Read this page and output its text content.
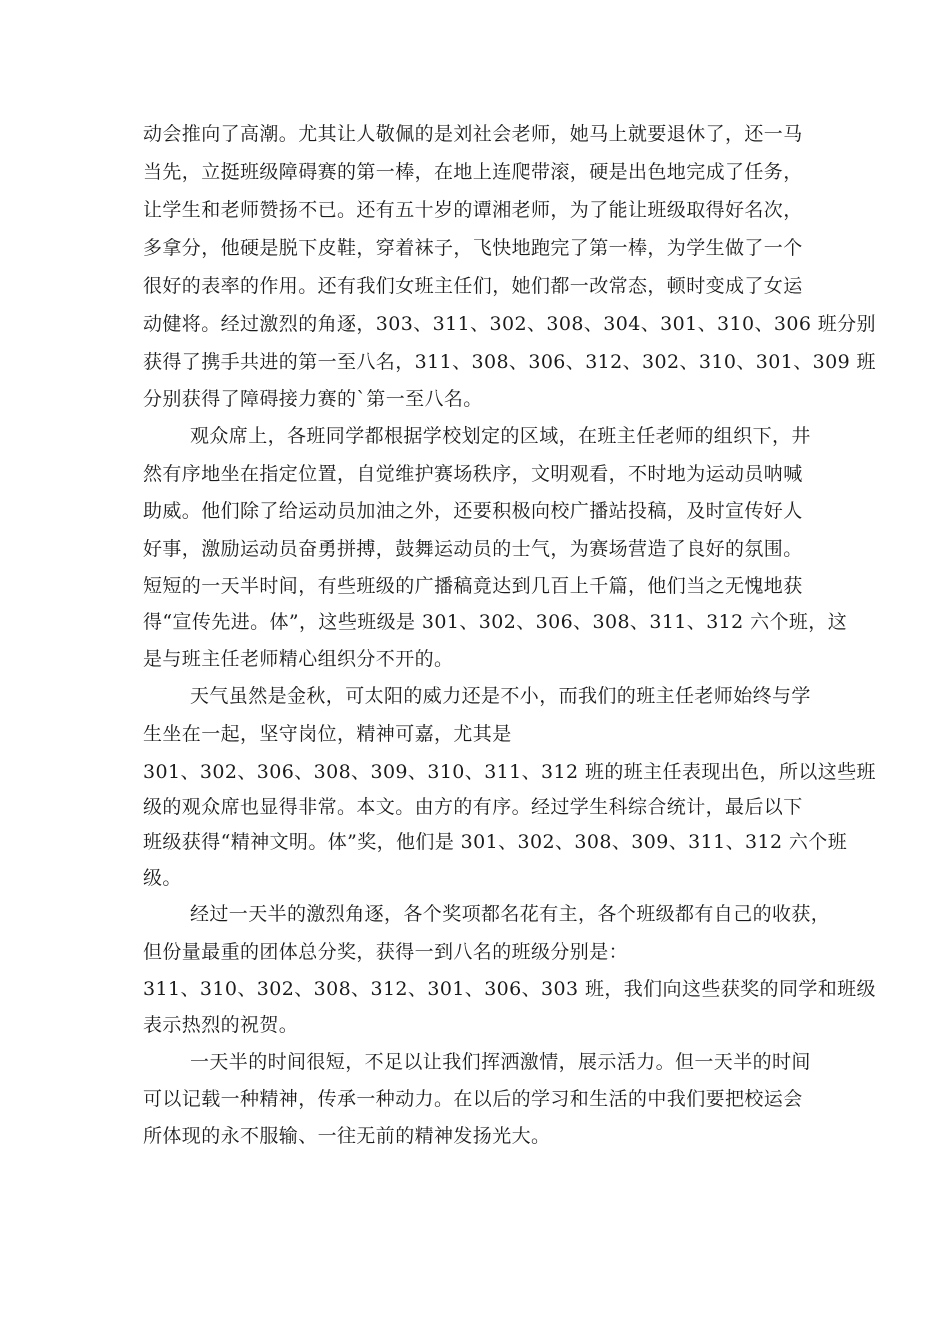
动会推向了高潮。尤其让人敬佩的是刘社会老师，她马上就要退休了，还一马
当先，立挺班级障碍赛的第一棒，在地上连爬带滚，硬是出色地完成了任务，
让学生和老师赞扬不已。还有五十岁的谭湘老师，为了能让班级取得好名次，
多拿分，他硬是脱下皮鞋，穿着袜子，飞快地跑完了第一棒，为学生做了一个
很好的表率的作用。还有我们女班主任们，她们都一改常态，顿时变成了女运
动健将。经过激烈的角逐，303、311、302、308、304、301、310、306 班分别
获得了携手共进的第一至八名，311、308、306、312、302、310、301、309 班
分别获得了障碍接力赛的`第一至八名。
观众席上，各班同学都根据学校划定的区域，在班主任老师的组织下，井
然有序地坐在指定位置，自觉维护赛场秩序，文明观看，不时地为运动员呐喊
助威。他们除了给运动员加油之外，还要积极向校广播站投稿，及时宣传好人
好事，激励运动员奋勇拼搏，鼓舞运动员的士气，为赛场营造了良好的氛围。
短短的一天半时间，有些班级的广播稿竟达到几百上千篇，他们当之无愧地获
得“宣传先进。体”，这些班级是 301、302、306、308、311、312 六个班，这
是与班主任老师精心组织分不开的。
天气虽然是金秋，可太阳的威力还是不小，而我们的班主任老师始终与学
生坐在一起，坚守岗位，精神可嘉，尤其是
301、302、306、308、309、310、311、312 班的班主任表现出色，所以这些班
级的观众席也显得非常。本文。由方的有序。经过学生科综合统计，最后以下
班级获得“精神文明。体”奖，他们是 301、302、308、309、311、312 六个班
级。
经过一天半的激烈角逐，各个奖项都名花有主，各个班级都有自己的收获，
但份量最重的团体总分奖，获得一到八名的班级分别是：
311、310、302、308、312、301、306、303 班，我们向这些获奖的同学和班级
表示热烈的祝贺。
一天半的时间很短，不足以让我们挥洒激情，展示活力。但一天半的时间
可以记载一种精神，传承一种动力。在以后的学习和生活的中我们要把校运会
所体现的永不服输、一往无前的精神发扬光大。
